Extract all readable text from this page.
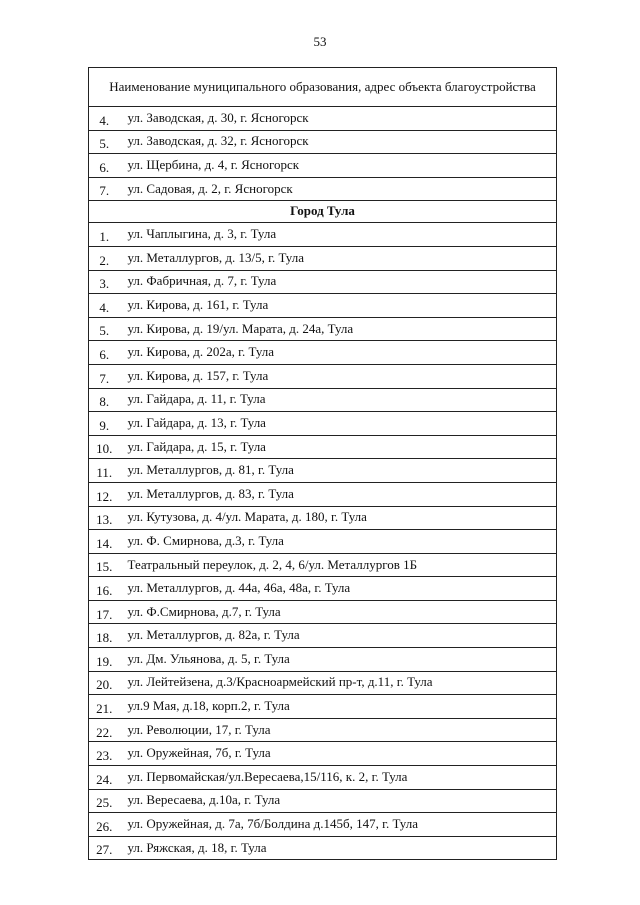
53
Наименование муниципального образования, адрес объекта благоустройства	
4.	ул. Заводская, д. 30, г. Ясногорск
5.	ул. Заводская, д. 32, г. Ясногорск
6.	ул. Щербина, д. 4, г. Ясногорск
7.	ул. Садовая, д. 2, г. Ясногорск
Город Тула	
1.	ул. Чаплыгина, д. 3, г. Тула
2.	ул. Металлургов, д. 13/5, г. Тула
3.	ул. Фабричная, д. 7, г. Тула
4.	ул. Кирова, д. 161, г. Тула
5.	ул. Кирова, д. 19/ул. Марата, д. 24а, Тула
6.	ул. Кирова, д. 202а, г. Тула
7.	ул. Кирова, д. 157, г. Тула
8.	ул. Гайдара, д. 11, г. Тула
9.	ул. Гайдара, д. 13, г. Тула
10.	ул. Гайдара, д. 15, г. Тула
11.	ул. Металлургов, д. 81, г. Тула
12.	ул. Металлургов, д. 83, г. Тула
13.	ул. Кутузова, д. 4/ул. Марата, д. 180, г. Тула
14.	ул. Ф. Смирнова, д.3, г. Тула
15.	Театральный переулок, д. 2, 4, 6/ул. Металлургов 1Б
16.	ул. Металлургов, д. 44а, 46а, 48а, г. Тула
17.	ул. Ф.Смирнова, д.7, г. Тула
18.	ул. Металлургов, д. 82а, г. Тула
19.	ул. Дм. Ульянова, д. 5, г. Тула
20.	ул. Лейтейзена, д.3/Красноармейский пр-т, д.11, г. Тула
21.	ул.9 Мая, д.18, корп.2, г. Тула
22.	ул. Революции, 17, г. Тула
23.	ул. Оружейная, 7б, г. Тула
24.	ул. Первомайская/ул.Вересаева,15/116, к. 2, г. Тула
25.	ул. Вересаева, д.10а, г. Тула
26.	ул. Оружейная, д. 7а, 7б/Болдина д.145б, 147, г. Тула
27.	ул. Ряжская, д. 18, г. Тула
